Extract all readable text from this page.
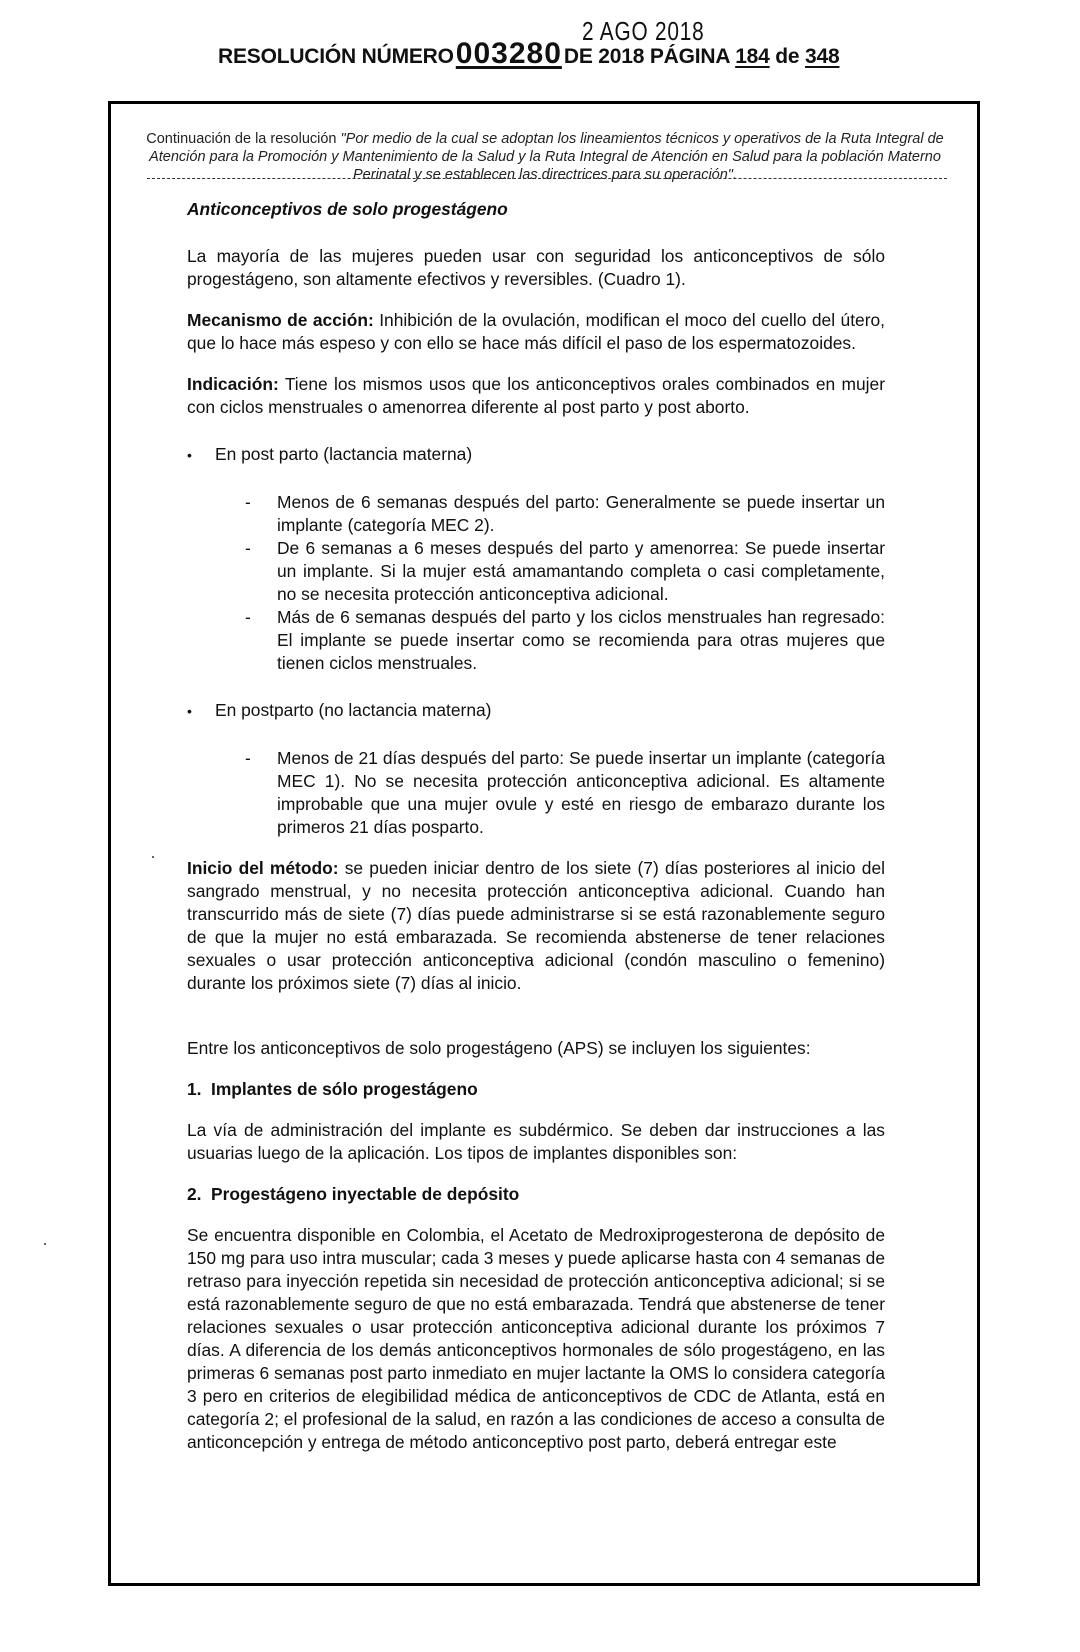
2 AGO 2018
RESOLUCIÓN NÚMERO003280DE 2018 PÁGINA 184 de 348
Continuación de la resolución "Por medio de la cual se adoptan los lineamientos técnicos y operativos de la Ruta Integral de Atención para la Promoción y Mantenimiento de la Salud y la Ruta Integral de Atención en Salud para la población Materno Perinatal y se establecen las directrices para su operación".

Anticonceptivos de solo progestágeno

La mayoría de las mujeres pueden usar con seguridad los anticonceptivos de sólo progestágeno, son altamente efectivos y reversibles. (Cuadro 1).

Mecanismo de acción: Inhibición de la ovulación, modifican el moco del cuello del útero, que lo hace más espeso y con ello se hace más difícil el paso de los espermatozoides.

Indicación: Tiene los mismos usos que los anticonceptivos orales combinados en mujer con ciclos menstruales o amenorrea diferente al post parto y post aborto.

•	En post parto (lactancia materna)
-	Menos de 6 semanas después del parto: Generalmente se puede insertar un implante (categoría MEC 2).

-	De 6 semanas a 6 meses después del parto y amenorrea: Se puede insertar un implante. Si la mujer está amamantando completa o casi completamente, no se necesita protección anticonceptiva adicional.

-	Más de 6 semanas después del parto y los ciclos menstruales han regresado: El implante se puede insertar como se recomienda para otras mujeres que tienen ciclos menstruales.

•	En postparto (no lactancia materna)
-	Menos de 21 días después del parto: Se puede insertar un implante (categoría MEC 1). No se necesita protección anticonceptiva adicional. Es altamente improbable que una mujer ovule y esté en riesgo de embarazo durante los primeros 21 días posparto.

Inicio del método: se pueden iniciar dentro de los siete (7) días posteriores al inicio del sangrado menstrual, y no necesita protección anticonceptiva adicional. Cuando han transcurrido más de siete (7) días puede administrarse si se está razonablemente seguro de que la mujer no está embarazada. Se recomienda abstenerse de tener relaciones sexuales o usar protección anticonceptiva adicional (condón masculino o femenino) durante los próximos siete (7) días al inicio.

Entre los anticonceptivos de solo progestágeno (APS) se incluyen los siguientes:

1. Implantes de sólo progestágeno

La vía de administración del implante es subdérmico. Se deben dar instrucciones a las usuarias luego de la aplicación. Los tipos de implantes disponibles son:

2. Progestágeno inyectable de depósito

Se encuentra disponible en Colombia, el Acetato de Medroxiprogesterona de depósito de 150 mg para uso intra muscular; cada 3 meses y puede aplicarse hasta con 4 semanas de retraso para inyección repetida sin necesidad de protección anticonceptiva adicional; si se está razonablemente seguro de que no está embarazada. Tendrá que abstenerse de tener relaciones sexuales o usar protección anticonceptiva adicional durante los próximos 7 días. A diferencia de los demás anticonceptivos hormonales de sólo progestágeno, en las primeras 6 semanas post parto inmediato en mujer lactante la OMS lo considera categoría 3 pero en criterios de elegibilidad médica de anticonceptivos de CDC de Atlanta, está en categoría 2; el profesional de la salud, en razón a las condiciones de acceso a consulta de anticoncepción y entrega de método anticonceptivo post parto, deberá entregar este
